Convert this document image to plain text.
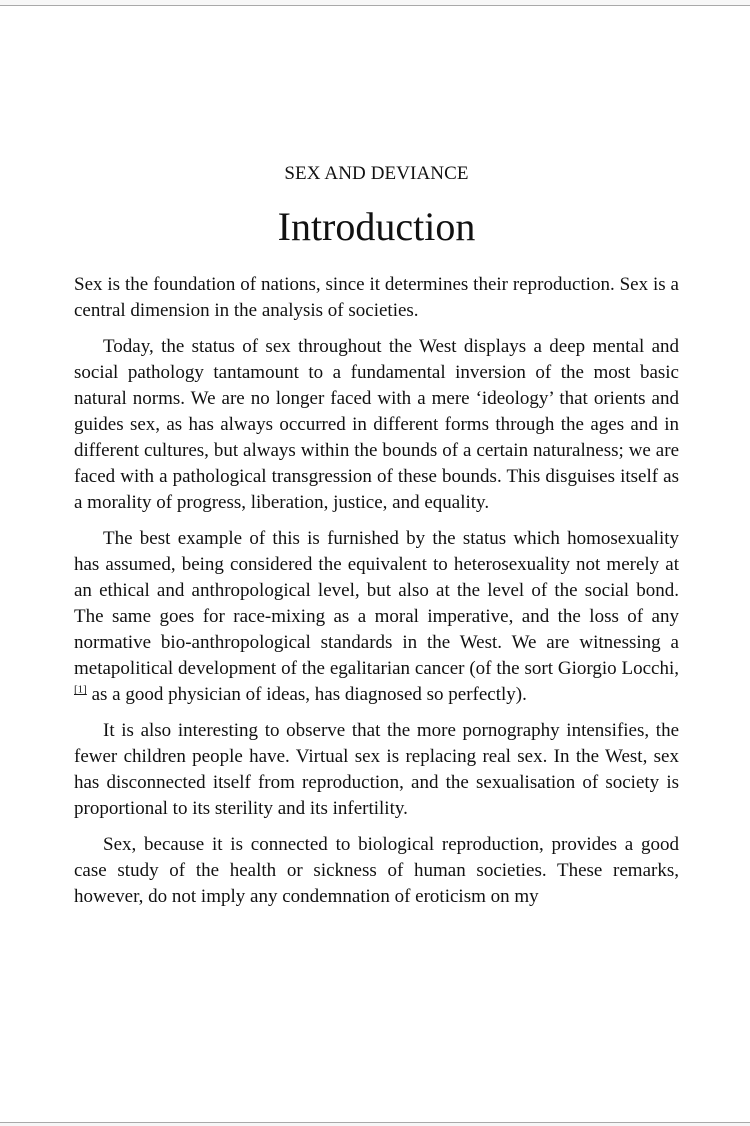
SEX AND DEVIANCE

Introduction

Sex is the foundation of nations, since it determines their reproduction. Sex is a central dimension in the analysis of societies.

Today, the status of sex throughout the West displays a deep mental and social pathology tantamount to a fundamental inversion of the most basic natural norms. We are no longer faced with a mere ‘ideology’ that orients and guides sex, as has always occurred in different forms through the ages and in different cultures, but always within the bounds of a certain naturalness; we are faced with a pathological transgression of these bounds. This disguises itself as a morality of progress, liberation, justice, and equality.

The best example of this is furnished by the status which homosexuality has assumed, being considered the equivalent to heterosexuality not merely at an ethical and anthropological level, but also at the level of the social bond. The same goes for race-mixing as a moral imperative, and the loss of any normative bio-anthropological standards in the West. We are witnessing a metapolitical development of the egalitarian cancer (of the sort Giorgio Locchi,[1] as a good physician of ideas, has diagnosed so perfectly).

It is also interesting to observe that the more pornography intensifies, the fewer children people have. Virtual sex is replacing real sex. In the West, sex has disconnected itself from reproduction, and the sexualisation of society is proportional to its sterility and its infertility.

Sex, because it is connected to biological reproduction, provides a good case study of the health or sickness of human societies. These remarks, however, do not imply any condemnation of eroticism on my
